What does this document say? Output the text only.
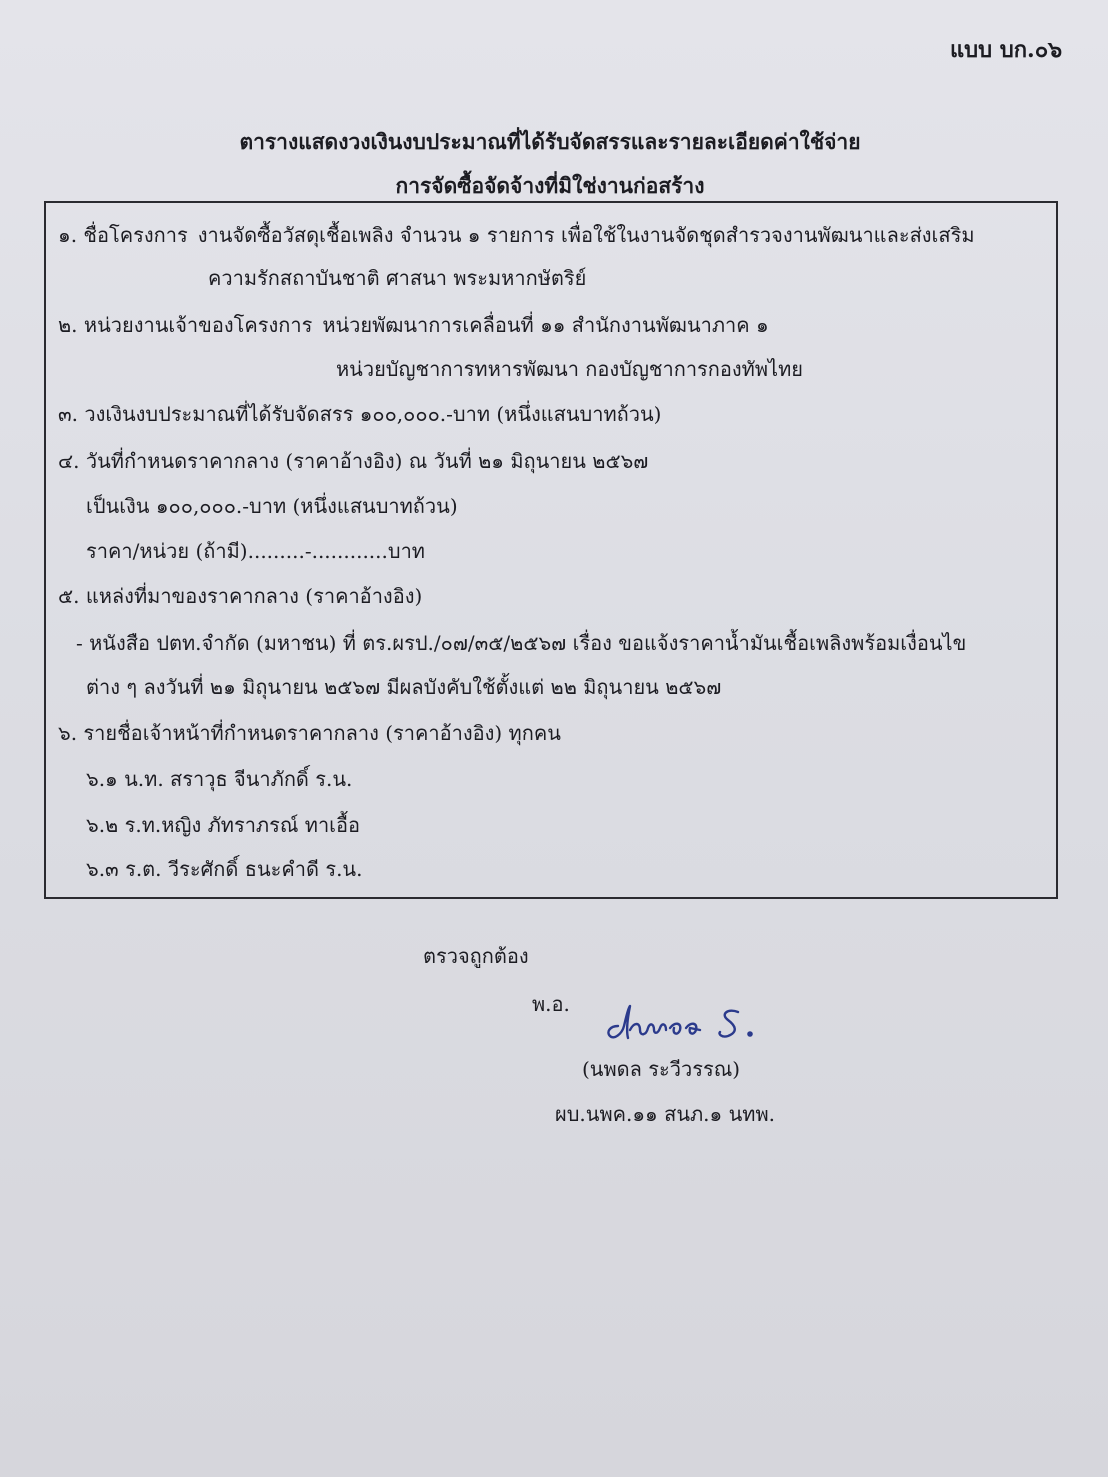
แบบ บก.๐๖
ตารางแสดงวงเงินงบประมาณที่ได้รับจัดสรรและรายละเอียดค่าใช้จ่าย
การจัดซื้อจัดจ้างที่มิใช่งานก่อสร้าง
๑. ชื่อโครงการ งานจัดซื้อวัสดุเชื้อเพลิง จำนวน ๑ รายการ เพื่อใช้ในงานจัดชุดสำรวจงานพัฒนาและส่งเสริม
ความรักสถาบันชาติ ศาสนา พระมหากษัตริย์
๒. หน่วยงานเจ้าของโครงการ หน่วยพัฒนาการเคลื่อนที่ ๑๑ สำนักงานพัฒนาภาค ๑
หน่วยบัญชาการทหารพัฒนา กองบัญชาการกองทัพไทย
๓. วงเงินงบประมาณที่ได้รับจัดสรร ๑๐๐,๐๐๐.-บาท (หนึ่งแสนบาทถ้วน)
๔. วันที่กำหนดราคากลาง (ราคาอ้างอิง) ณ วันที่ ๒๑ มิถุนายน ๒๕๖๗
เป็นเงิน ๑๐๐,๐๐๐.-บาท (หนึ่งแสนบาทถ้วน)
ราคา/หน่วย (ถ้ามี).........-............บาท
๕. แหล่งที่มาของราคากลาง (ราคาอ้างอิง)
- หนังสือ ปตท.จำกัด (มหาชน) ที่ ตร.ผรป./๐๗/๓๕/๒๕๖๗ เรื่อง ขอแจ้งราคาน้ำมันเชื้อเพลิงพร้อมเงื่อนไข
ต่าง ๆ ลงวันที่ ๒๑ มิถุนายน ๒๕๖๗ มีผลบังคับใช้ตั้งแต่ ๒๒ มิถุนายน ๒๕๖๗
๖. รายชื่อเจ้าหน้าที่กำหนดราคากลาง (ราคาอ้างอิง) ทุกคน
๖.๑ น.ท. สราวุธ จีนาภักดิ์ ร.น.
๖.๒ ร.ท.หญิง ภัทราภรณ์ ทาเอื้อ
๖.๓ ร.ต. วีระศักดิ์ ธนะคำดี ร.น.
ตรวจถูกต้อง
พ.อ.
(นพดล ระวีวรรณ)
ผบ.นพค.๑๑ สนภ.๑ นทพ.
